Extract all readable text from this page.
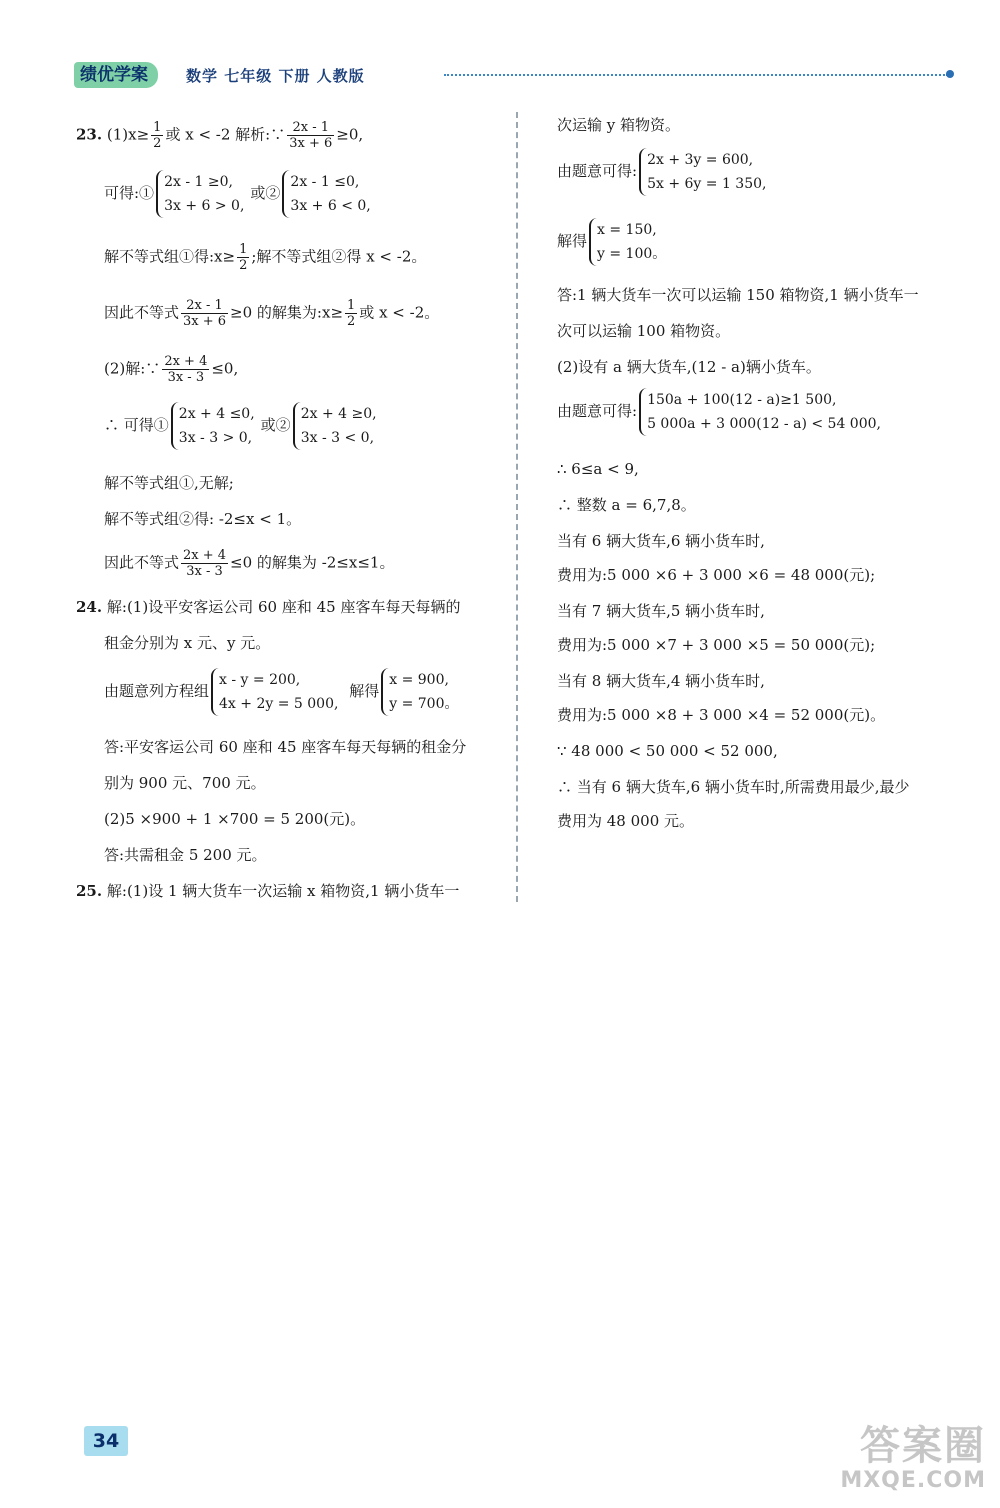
绩优学案	数学 七年级 下册 人教版
23. $(1)x\ge \frac{1}{2}$ 或 x < -2 解析:∵ $\frac{2x - 1}{3x + 6} \ge 0$,
可得:①
2x - 1 ≥0,
3x + 6 > 0,
或②
2x - 1 ≤0,
3x + 6 < 0,
解不等式组①得:x≥ $\frac{1}{2}$ ;解不等式组②得 x < -2。
因此不等式 $\frac{2x - 1}{3x + 6} \ge 0$ 的解集为:x≥ $\frac{1}{2}$ 或 x < -2。
(2)解:∵ $\frac{2x + 4}{3x - 3} \le 0$,
∴ 可得①
2x + 4 ≤0,
3x - 3 > 0,
或②
2x + 4 ≥0,
3x - 3 < 0,
解不等式组①,无解;
解不等式组②得: -2≤x < 1。
因此不等式 $\frac{2x + 4}{3x - 3} \le 0$ 的解集为 -2≤x≤1。
24. 解:(1)设平安客运公司 60 座和 45 座客车每天每辆的
租金分别为 x 元、y 元。
由题意列方程组
x - y = 200,
4x + 2y = 5 000,
解得
x = 900,
y = 700。
答:平安客运公司 60 座和 45 座客车每天每辆的租金分
别为 900 元、700 元。
(2)5 ×900 + 1 ×700 = 5 200(元)。
答:共需租金 5 200 元。
25. 解:(1)设 1 辆大货车一次运输 x 箱物资,1 辆小货车一
次运输 y 箱物资。
由题意可得:
2x + 3y = 600,
5x + 6y = 1 350,
解得
x = 150,
y = 100。
答:1 辆大货车一次可以运输 150 箱物资,1 辆小货车一
次可以运输 100 箱物资。
(2)设有 a 辆大货车,(12 - a)辆小货车。
由题意可得:
150a + 100(12 - a)≥1 500,
5 000a + 3 000(12 - a) < 54 000,
∴ 6≤a < 9,
∴ 整数 a = 6,7,8。
当有 6 辆大货车,6 辆小货车时,
费用为:5 000 ×6 + 3 000 ×6 = 48 000(元);
当有 7 辆大货车,5 辆小货车时,
费用为:5 000 ×7 + 3 000 ×5 = 50 000(元);
当有 8 辆大货车,4 辆小货车时,
费用为:5 000 ×8 + 3 000 ×4 = 52 000(元)。
∵ 48 000 < 50 000 < 52 000,
∴ 当有 6 辆大货车,6 辆小货车时,所需费用最少,最少
费用为 48 000 元。
34	答案圈
MXQE.COM
